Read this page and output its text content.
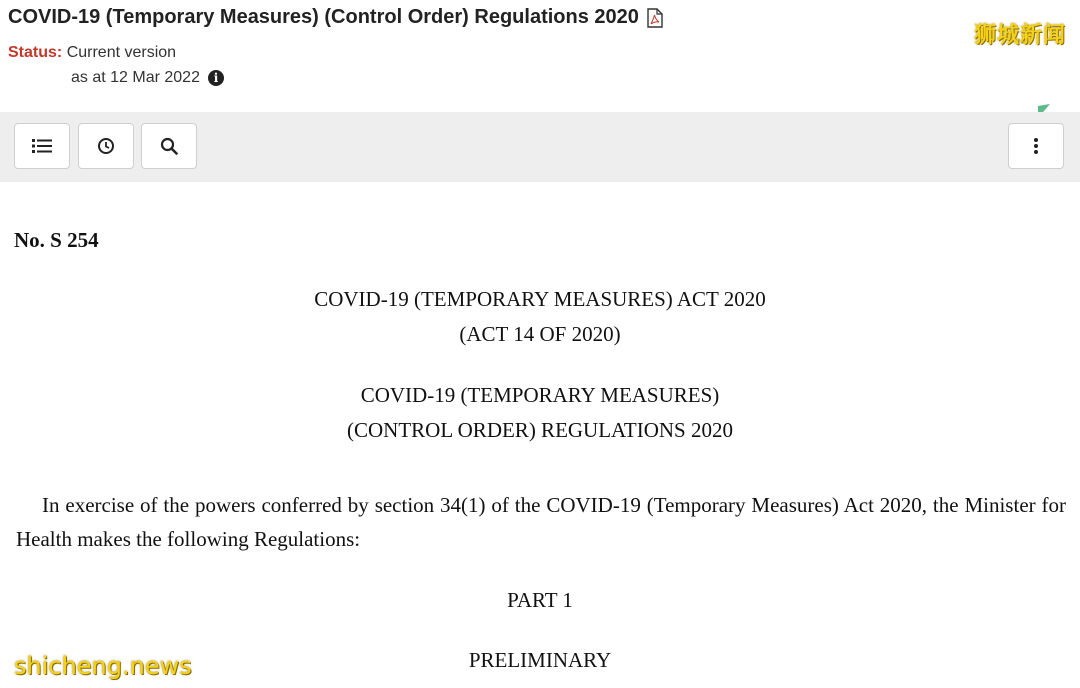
COVID-19 (Temporary Measures) (Control Order) Regulations 2020
Status: Current version
as at 12 Mar 2022	i
狮城新闻
No. S 254
COVID-19 (TEMPORARY MEASURES) ACT 2020
(ACT 14 OF 2020)
COVID-19 (TEMPORARY MEASURES)
(CONTROL ORDER) REGULATIONS 2020
In exercise of the powers conferred by section 34(1) of the COVID-19 (Temporary Measures) Act 2020, the Minister for Health makes the following Regulations:
PART 1
PRELIMINARY
shicheng.news
